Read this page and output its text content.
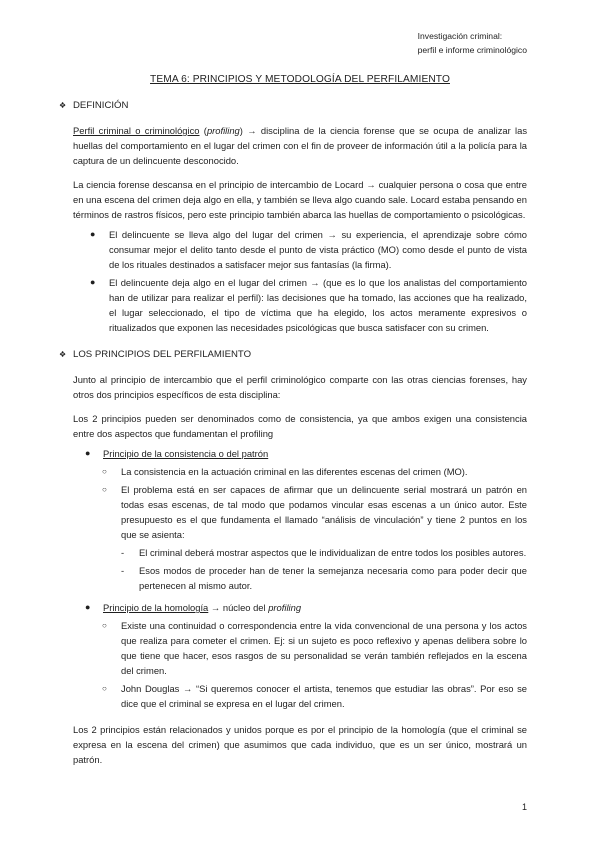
Investigación criminal:
perfil e informe criminológico
TEMA 6: PRINCIPIOS Y METODOLOGÍA DEL PERFILAMIENTO
❖ DEFINICIÓN

Perfil criminal o criminológico (profiling) → disciplina de la ciencia forense que se ocupa de analizar las huellas del comportamiento en el lugar del crimen con el fin de proveer de información útil a la policía para la captura de un delincuente desconocido.

La ciencia forense descansa en el principio de intercambio de Locard → cualquier persona o cosa que entre en una escena del crimen deja algo en ella, y también se lleva algo cuando sale. Locard estaba pensando en términos de rastros físicos, pero este principio también abarca las huellas de comportamiento o psicológicas.

● El delincuente se lleva algo del lugar del crimen → su experiencia, el aprendizaje sobre cómo consumar mejor el delito tanto desde el punto de vista práctico (MO) como desde el punto de vista de los rituales destinados a satisfacer mejor sus fantasías (la firma).
● El delincuente deja algo en el lugar del crimen → (que es lo que los analistas del comportamiento han de utilizar para realizar el perfil): las decisiones que ha tomado, las acciones que ha realizado, el lugar seleccionado, el tipo de víctima que ha elegido, los actos meramente expresivos o ritualizados que exponen las necesidades psicológicas que busca satisfacer con su crimen.
❖ LOS PRINCIPIOS DEL PERFILAMIENTO

Junto al principio de intercambio que el perfil criminológico comparte con las otras ciencias forenses, hay otros dos principios específicos de esta disciplina:

Los 2 principios pueden ser denominados como de consistencia, ya que ambos exigen una consistencia entre dos aspectos que fundamentan el profiling

● Principio de la consistencia o del patrón
○ La consistencia en la actuación criminal en las diferentes escenas del crimen (MO).
○ El problema está en ser capaces de afirmar que un delincuente serial mostrará un patrón en todas esas escenas, de tal modo que podamos vincular esas escenas a un único autor. Este presupuesto es el que fundamenta el llamado “análisis de vinculación” y tiene 2 puntos en los que se asienta:
- El criminal deberá mostrar aspectos que le individualizan de entre todos los posibles autores.
- Esos modos de proceder han de tener la semejanza necesaria como para poder decir que pertenecen al mismo autor.
● Principio de la homología → núcleo del profiling
○ Existe una continuidad o correspondencia entre la vida convencional de una persona y los actos que realiza para cometer el crimen. Ej: si un sujeto es poco reflexivo y apenas delibera sobre lo que tiene que hacer, esos rasgos de su personalidad se verán también reflejados en la escena del crimen.
○ John Douglas → “Si queremos conocer el artista, tenemos que estudiar las obras”. Por eso se dice que el criminal se expresa en el lugar del crimen.

Los 2 principios están relacionados y unidos porque es por el principio de la homología (que el criminal se expresa en la escena del crimen) que asumimos que cada individuo, que es un ser único, mostrará un patrón.

1
